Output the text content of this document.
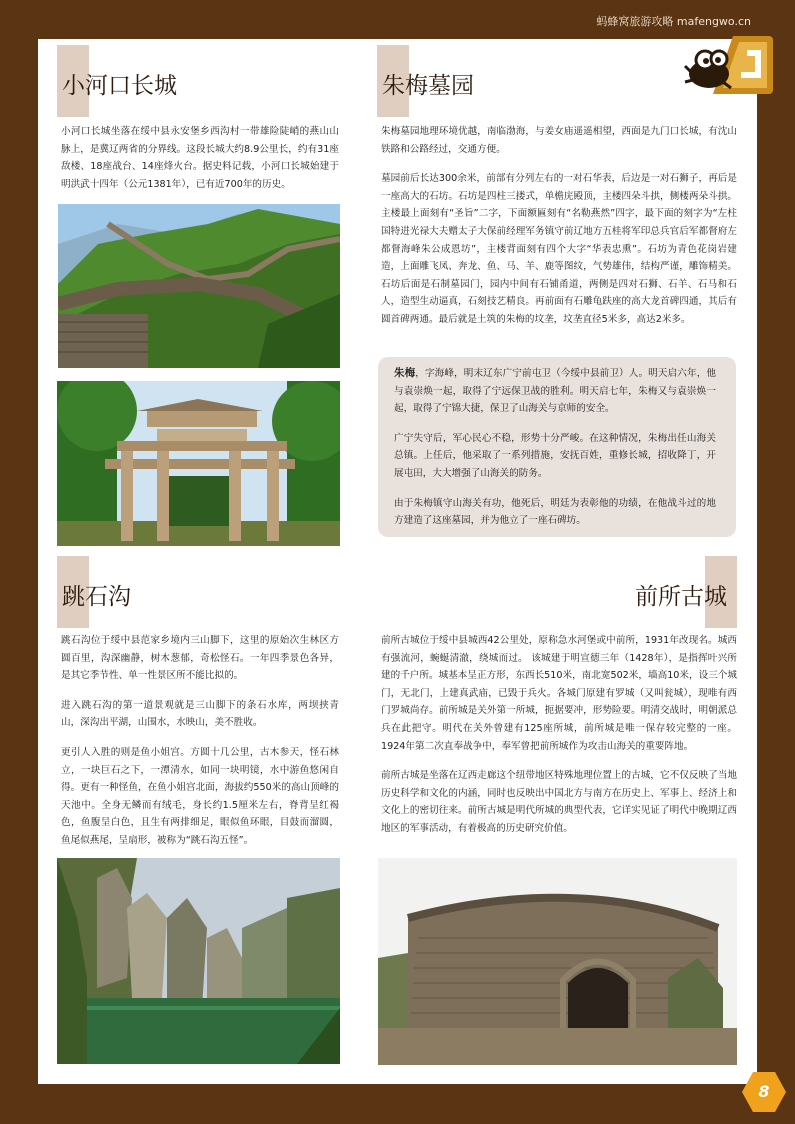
蚂蜂窝旅游攻略 mafengwo.cn
小河口长城
小河口长城坐落在绥中县永安堡乡西沟村一带雄险陡峭的燕山山脉上，是冀辽两省的分界线。这段长城大约8.9公里长，约有31座敌楼、18座战台、14座烽火台。据史料记载，小河口长城始建于明洪武十四年（公元1381年），已有近700年的历史。
朱梅墓园

朱梅墓园地理环境优越，南临渤海，与姜女庙遥遥相望，西面是九门口长城，有沈山铁路和公路经过，交通方便。

墓园前后长达300余米，前部有分列左右的一对石华表，后边是一对石狮子，再后是一座高大的石坊。石坊是四柱三搂式，单檐庑殿顶，主楼四朵斗拱，侧楼两朵斗拱。主楼最上面刻有“圣旨”二字，下面额匾刻有“名勒燕然”四字，最下面的刻字为“左柱国特进光禄大夫赠太子大保前经理军务镇守前辽地方五桂将军印总兵官后军都督府左都督海峰朱公成恩坊”，主楼背面刻有四个大字“华表忠熏”。石坊为青色花岗岩建造，上面雕飞凤、奔龙、鱼、马、羊、鹿等图纹，气势雄伟，结构严谨，雕饰精美。石坊后面是石制墓园门，园内中间有石铺甬道，两侧是四对石狮、石羊、石马和石人，造型生动逼真，石刻技艺精良。再前面有石雕龟趺座的高大龙首碑四通，其后有圆首碑两通。最后就是土筑的朱梅的坟垄，坟垄直径5米多，高达2米多。

朱梅，字海峰，明末辽东广宁前屯卫（今绥中县前卫）人。明天启六年，他与袁崇焕一起，取得了宁远保卫战的胜利。明天启七年，朱梅又与袁崇焕一起，取得了宁锦大捷，保卫了山海关与京师的安全。

广宁失守后，军心民心不稳，形势十分严峻。在这种情况，朱梅出任山海关总镇。上任后，他采取了一系列措施，安抚百姓，重修长城，招收降丁，开展屯田，大大增强了山海关的防务。

由于朱梅镇守山海关有功，他死后，明廷为表彰他的功绩，在他战斗过的地方建造了这座墓园，并为他立了一座石碑坊。

跳石沟

跳石沟位于绥中县范家乡境内三山脚下，这里的原始次生林区方圆百里，沟深幽静，树木葱郁，奇松怪石。一年四季景色各异，是其它季节性、单一性景区所不能比拟的。

进入跳石沟的第一道景观就是三山脚下的条石水库，两坝挟青山，深沟出平湖，山围水，水映山，美不胜收。

更引人入胜的则是鱼小姐宫。方圆十几公里，古木参天，怪石林立，一块巨石之下，一潭清水，如同一块明镜，水中游鱼悠闲自得。更有一种怪鱼，在鱼小姐宫北面，海拔约550米的高山顶峰的天池中。全身无鳞而有绒毛，身长约1.5厘米左右，脊背呈红褐色，鱼腹呈白色，且生有两排细足，眼似鱼环眼，目鼓而溜圆，鱼尾似燕尾，呈扇形，被称为“跳石沟五怪”。

前所古城

前所古城位于绥中县城西42公里处，原称急水河堡或中前所，1931年改现名。城西有强流河，蜿蜒清澈，绕城而过。 该城建于明宣德三年（1428年），是指挥叶兴所建的千户所。城基本呈正方形，东西长510米，南北宽502米，墙高10米，设三个城门，无北门，上建真武庙，已毁于兵火。各城门原建有罗城（又叫瓮城），现唯有西门罗城尚存。前所城是关外第一所城，扼据要冲，形势险要。明清交战时，明朝派总兵在此把守。明代在关外曾建有125座所城，前所城是唯一保存较完整的一座。 1924年第二次直奉战争中，奉军曾把前所城作为攻击山海关的重要阵地。

前所古城是坐落在辽西走廊这个纽带地区特殊地理位置上的古城，它不仅反映了当地历史科学和文化的内涵，同时也反映出中国北方与南方在历史上、军事上、经济上和文化上的密切往来。前所古城是明代所城的典型代表，它详实见证了明代中晚期辽西地区的军事活动，有着极高的历史研究价值。

8
